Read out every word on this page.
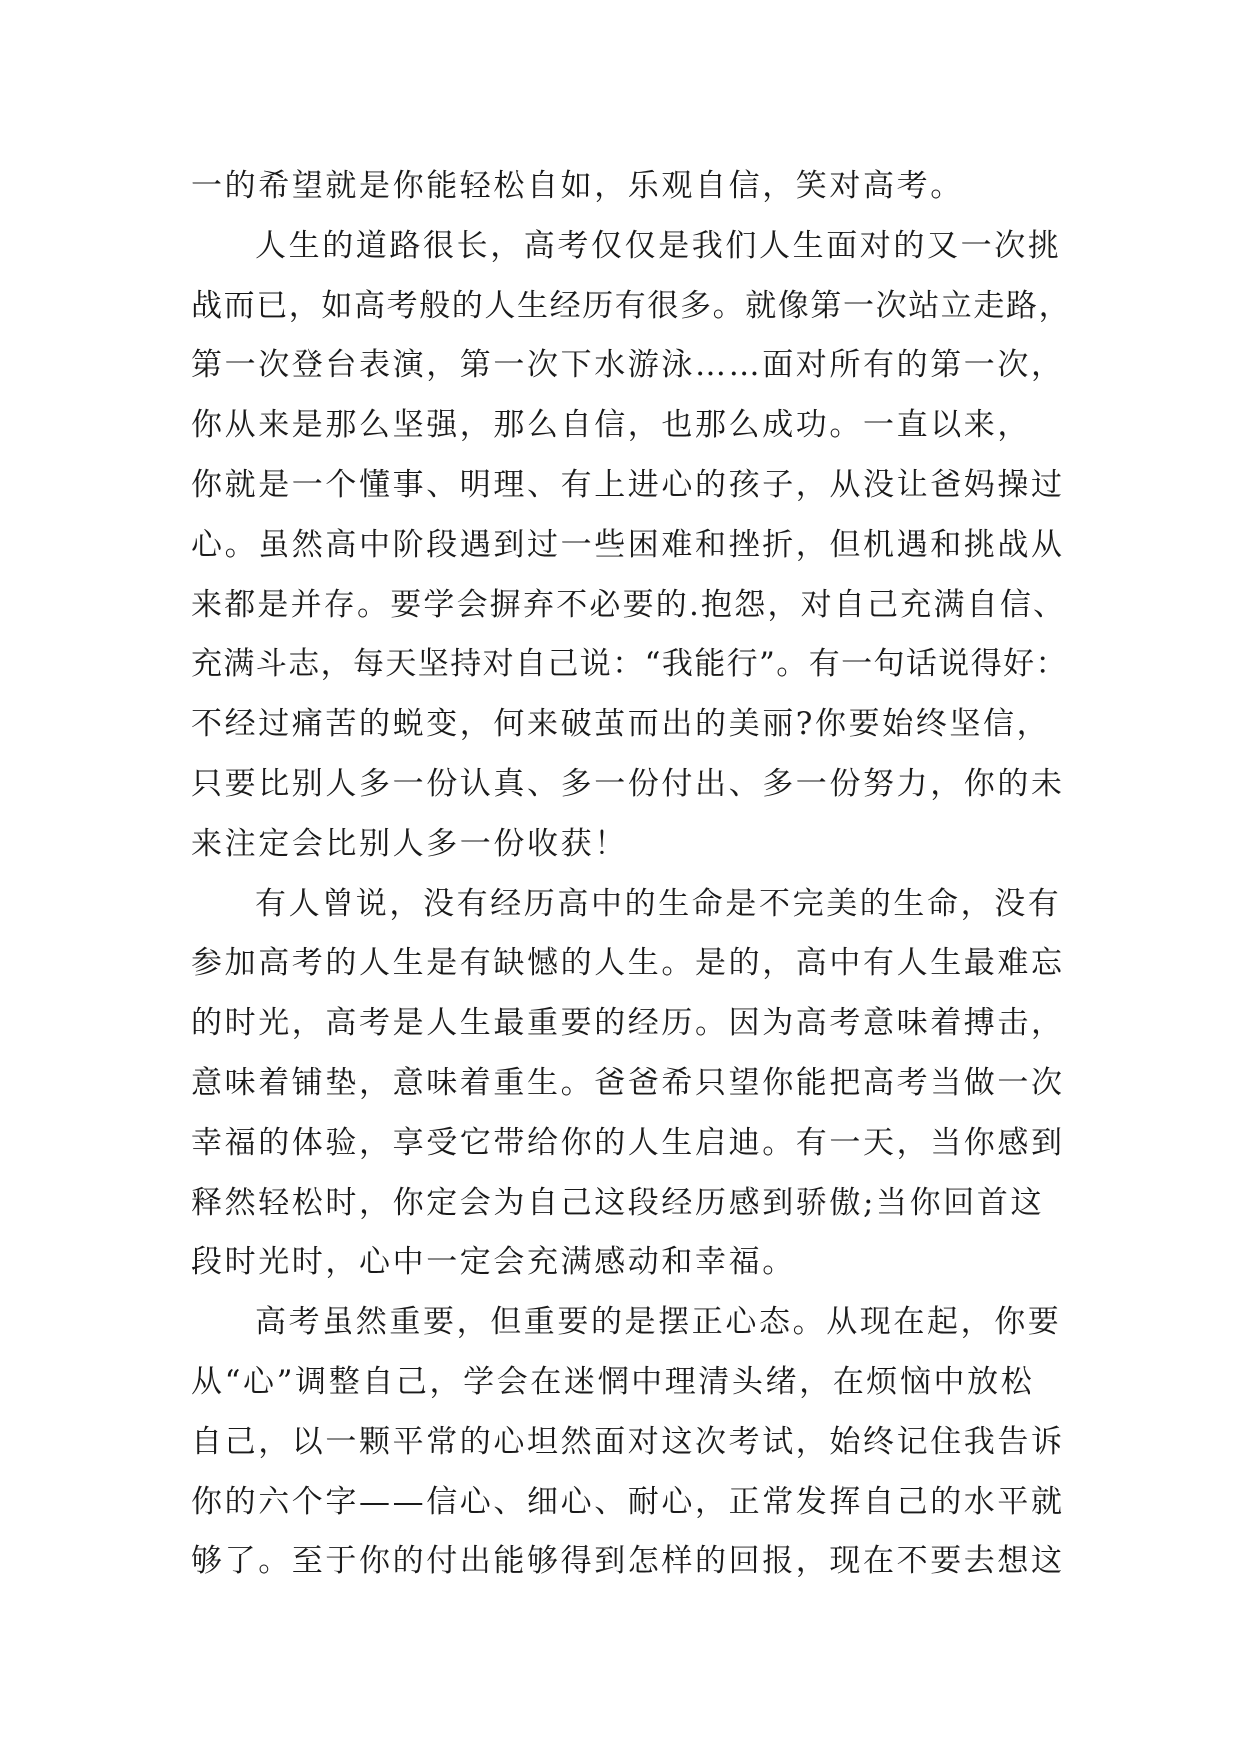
一的希望就是你能轻松自如，乐观自信，笑对高考。
人生的道路很长，高考仅仅是我们人生面对的又一次挑
战而已，如高考般的人生经历有很多。就像第一次站立走路，
第一次登台表演，第一次下水游泳……面对所有的第一次，
你从来是那么坚强，那么自信，也那么成功。一直以来，
你就是一个懂事、明理、有上进心的孩子，从没让爸妈操过
心。虽然高中阶段遇到过一些困难和挫折，但机遇和挑战从
来都是并存。要学会摒弃不必要的.抱怨，对自己充满自信、
充满斗志，每天坚持对自己说：“我能行”。有一句话说得好：
不经过痛苦的蜕变，何来破茧而出的美丽?你要始终坚信，
只要比别人多一份认真、多一份付出、多一份努力，你的未
来注定会比别人多一份收获！
有人曾说，没有经历高中的生命是不完美的生命，没有
参加高考的人生是有缺憾的人生。是的，高中有人生最难忘
的时光，高考是人生最重要的经历。因为高考意味着搏击，
意味着铺垫，意味着重生。爸爸希只望你能把高考当做一次
幸福的体验，享受它带给你的人生启迪。有一天，当你感到
释然轻松时，你定会为自己这段经历感到骄傲;当你回首这
段时光时，心中一定会充满感动和幸福。
高考虽然重要，但重要的是摆正心态。从现在起，你要
从“心”调整自己，学会在迷惘中理清头绪，在烦恼中放松
自己，以一颗平常的心坦然面对这次考试，始终记住我告诉
你的六个字——信心、细心、耐心，正常发挥自己的水平就
够了。至于你的付出能够得到怎样的回报，现在不要去想这
